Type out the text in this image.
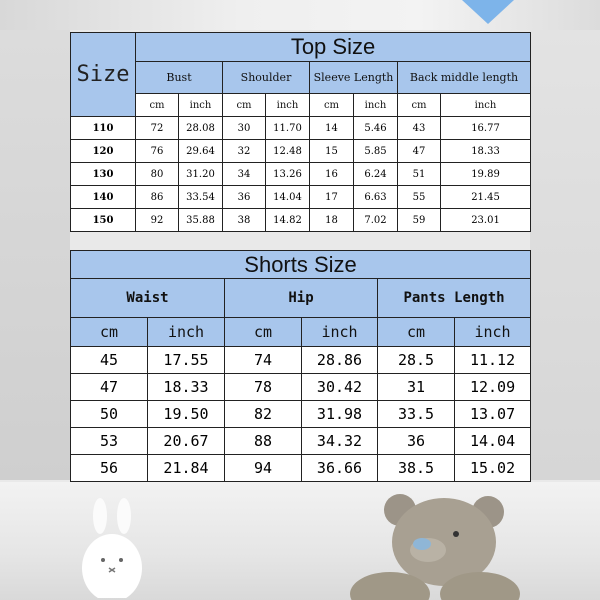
Size	Top Size							
	Bust		Shoulder		Sleeve Length		Back middle length	
	cm	inch	cm	inch	cm	inch	cm	inch
110	72	28.08	30	11.70	14	5.46	43	16.77
120	76	29.64	32	12.48	15	5.85	47	18.33
130	80	31.20	34	13.26	16	6.24	51	19.89
140	86	33.54	36	14.04	17	6.63	55	21.45
150	92	35.88	38	14.82	18	7.02	59	23.01
Shorts Size					
Waist		Hip		Pants Length	
cm	inch	cm	inch	cm	inch
45	17.55	74	28.86	28.5	11.12
47	18.33	78	30.42	31	12.09
50	19.50	82	31.98	33.5	13.07
53	20.67	88	34.32	36	14.04
56	21.84	94	36.66	38.5	15.02
